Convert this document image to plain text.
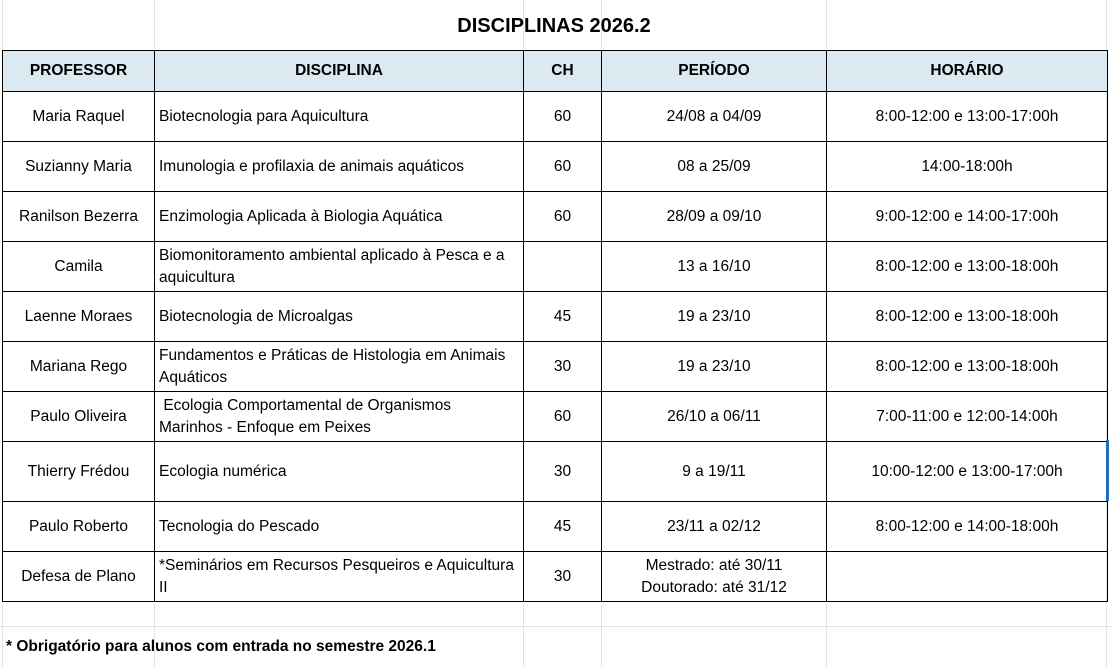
DISCIPLINAS 2026.2
PROFESSOR	DISCIPLINA	CH	PERÍODO	HORÁRIO
Maria Raquel	Biotecnologia para Aquicultura	60	24/08 a 04/09	8:00-12:00 e 13:00-17:00h
Suzianny Maria	Imunologia e profilaxia de animais aquáticos	60	08 a 25/09	14:00-18:00h
Ranilson Bezerra	Enzimologia Aplicada à Biologia Aquática	60	28/09 a 09/10	9:00-12:00 e 14:00-17:00h
Camila	Biomonitoramento ambiental aplicado à Pesca e a aquicultura		13 a 16/10	8:00-12:00 e 13:00-18:00h
Laenne Moraes	Biotecnologia de Microalgas	45	19 a 23/10	8:00-12:00 e 13:00-18:00h
Mariana Rego	Fundamentos e Práticas de Histologia em Animais Aquáticos	30	19 a 23/10	8:00-12:00 e 13:00-18:00h
Paulo Oliveira	Ecologia Comportamental de Organismos Marinhos - Enfoque em Peixes	60	26/10 a 06/11	7:00-11:00 e 12:00-14:00h
Thierry Frédou	Ecologia numérica	30	9 a 19/11	10:00-12:00 e 13:00-17:00h
Paulo Roberto	Tecnologia do Pescado	45	23/11 a 02/12	8:00-12:00 e 14:00-18:00h
Defesa de Plano	*Seminários em Recursos Pesqueiros e Aquicultura II	30	Mestrado: até 30/11
Doutorado: até 31/12	

* Obrigatório para alunos com entrada no semestre 2026.1
